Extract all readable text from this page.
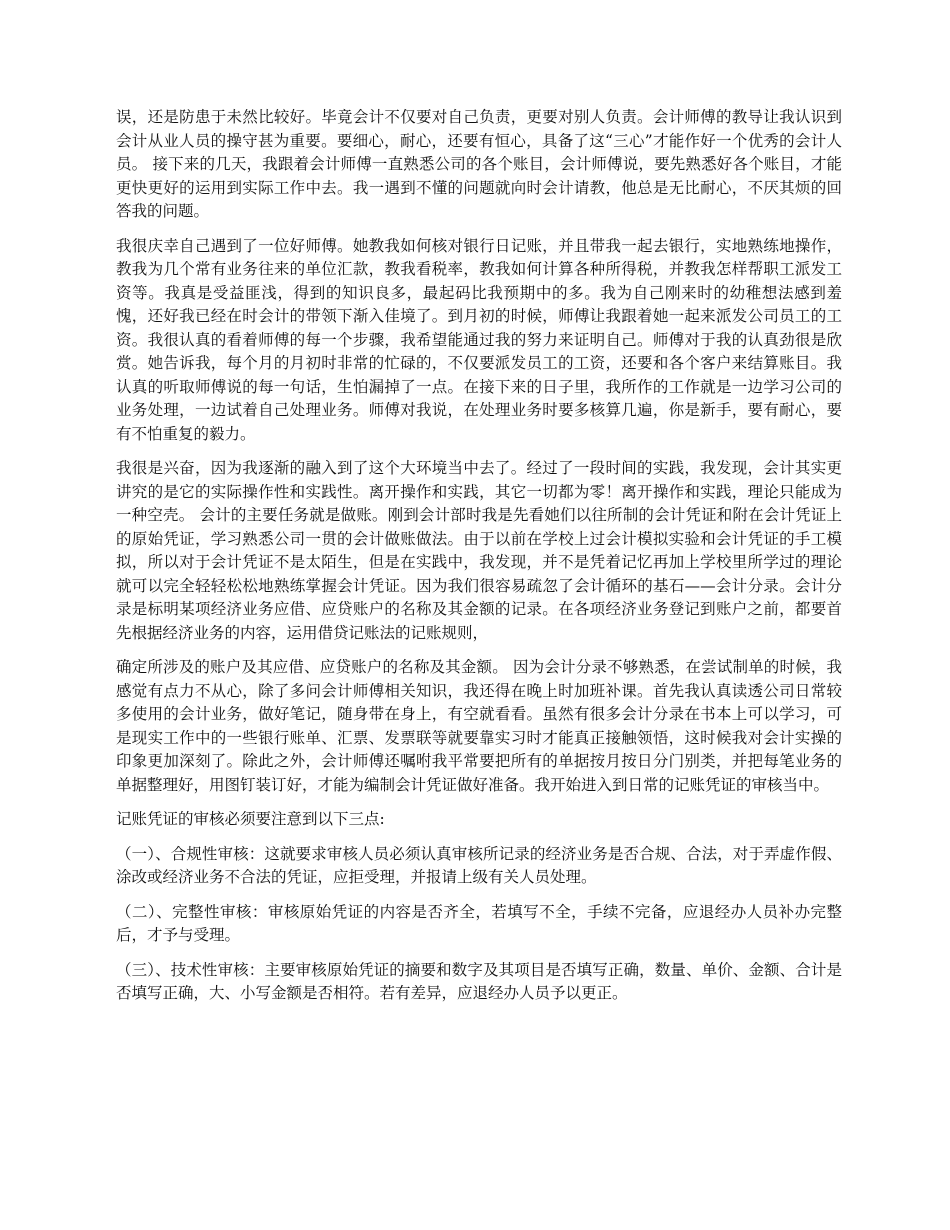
误，还是防患于未然比较好。毕竟会计不仅要对自己负责，更要对别人负责。会计师傅的教导让我认识到会计从业人员的操守甚为重要。要细心，耐心，还要有恒心，具备了这“三心”才能作好一个优秀的会计人员。 接下来的几天，我跟着会计师傅一直熟悉公司的各个账目，会计师傅说，要先熟悉好各个账目，才能更快更好的运用到实际工作中去。我一遇到不懂的问题就向时会计请教，他总是无比耐心，不厌其烦的回答我的问题。

我很庆幸自己遇到了一位好师傅。她教我如何核对银行日记账，并且带我一起去银行，实地熟练地操作，教我为几个常有业务往来的单位汇款，教我看税率，教我如何计算各种所得税，并教我怎样帮职工派发工资等。我真是受益匪浅，得到的知识良多，最起码比我预期中的多。我为自己刚来时的幼稚想法感到羞愧，还好我已经在时会计的带领下渐入佳境了。到月初的时候，师傅让我跟着她一起来派发公司员工的工资。我很认真的看着师傅的每一个步骤，我希望能通过我的努力来证明自己。师傅对于我的认真劲很是欣赏。她告诉我，每个月的月初时非常的忙碌的，不仅要派发员工的工资，还要和各个客户来结算账目。我认真的听取师傅说的每一句话，生怕漏掉了一点。在接下来的日子里，我所作的工作就是一边学习公司的业务处理，一边试着自己处理业务。师傅对我说，在处理业务时要多核算几遍，你是新手，要有耐心，要有不怕重复的毅力。

我很是兴奋，因为我逐渐的融入到了这个大环境当中去了。经过了一段时间的实践，我发现，会计其实更讲究的是它的实际操作性和实践性。离开操作和实践，其它一切都为零！离开操作和实践，理论只能成为一种空壳。 会计的主要任务就是做账。刚到会计部时我是先看她们以往所制的会计凭证和附在会计凭证上的原始凭证，学习熟悉公司一贯的会计做账做法。由于以前在学校上过会计模拟实验和会计凭证的手工模拟，所以对于会计凭证不是太陌生，但是在实践中，我发现，并不是凭着记忆再加上学校里所学过的理论就可以完全轻轻松松地熟练掌握会计凭证。因为我们很容易疏忽了会计循环的基石——会计分录。会计分录是标明某项经济业务应借、应贷账户的名称及其金额的记录。在各项经济业务登记到账户之前，都要首先根据经济业务的内容，运用借贷记账法的记账规则，

确定所涉及的账户及其应借、应贷账户的名称及其金额。 因为会计分录不够熟悉，在尝试制单的时候，我感觉有点力不从心，除了多问会计师傅相关知识，我还得在晚上时加班补课。首先我认真读透公司日常较多使用的会计业务，做好笔记，随身带在身上，有空就看看。虽然有很多会计分录在书本上可以学习，可是现实工作中的一些银行账单、汇票、发票联等就要靠实习时才能真正接触领悟，这时候我对会计实操的印象更加深刻了。除此之外，会计师傅还嘱咐我平常要把所有的单据按月按日分门别类，并把每笔业务的单据整理好，用图钉装订好，才能为编制会计凭证做好准备。我开始进入到日常的记账凭证的审核当中。

记账凭证的审核必须要注意到以下三点:

（一）、合规性审核：这就要求审核人员必须认真审核所记录的经济业务是否合规、合法，对于弄虚作假、涂改或经济业务不合法的凭证，应拒受理，并报请上级有关人员处理。

（二）、完整性审核：审核原始凭证的内容是否齐全，若填写不全，手续不完备，应退经办人员补办完整后，才予与受理。

（三）、技术性审核：主要审核原始凭证的摘要和数字及其项目是否填写正确，数量、单价、金额、合计是否填写正确，大、小写金额是否相符。若有差异，应退经办人员予以更正。
